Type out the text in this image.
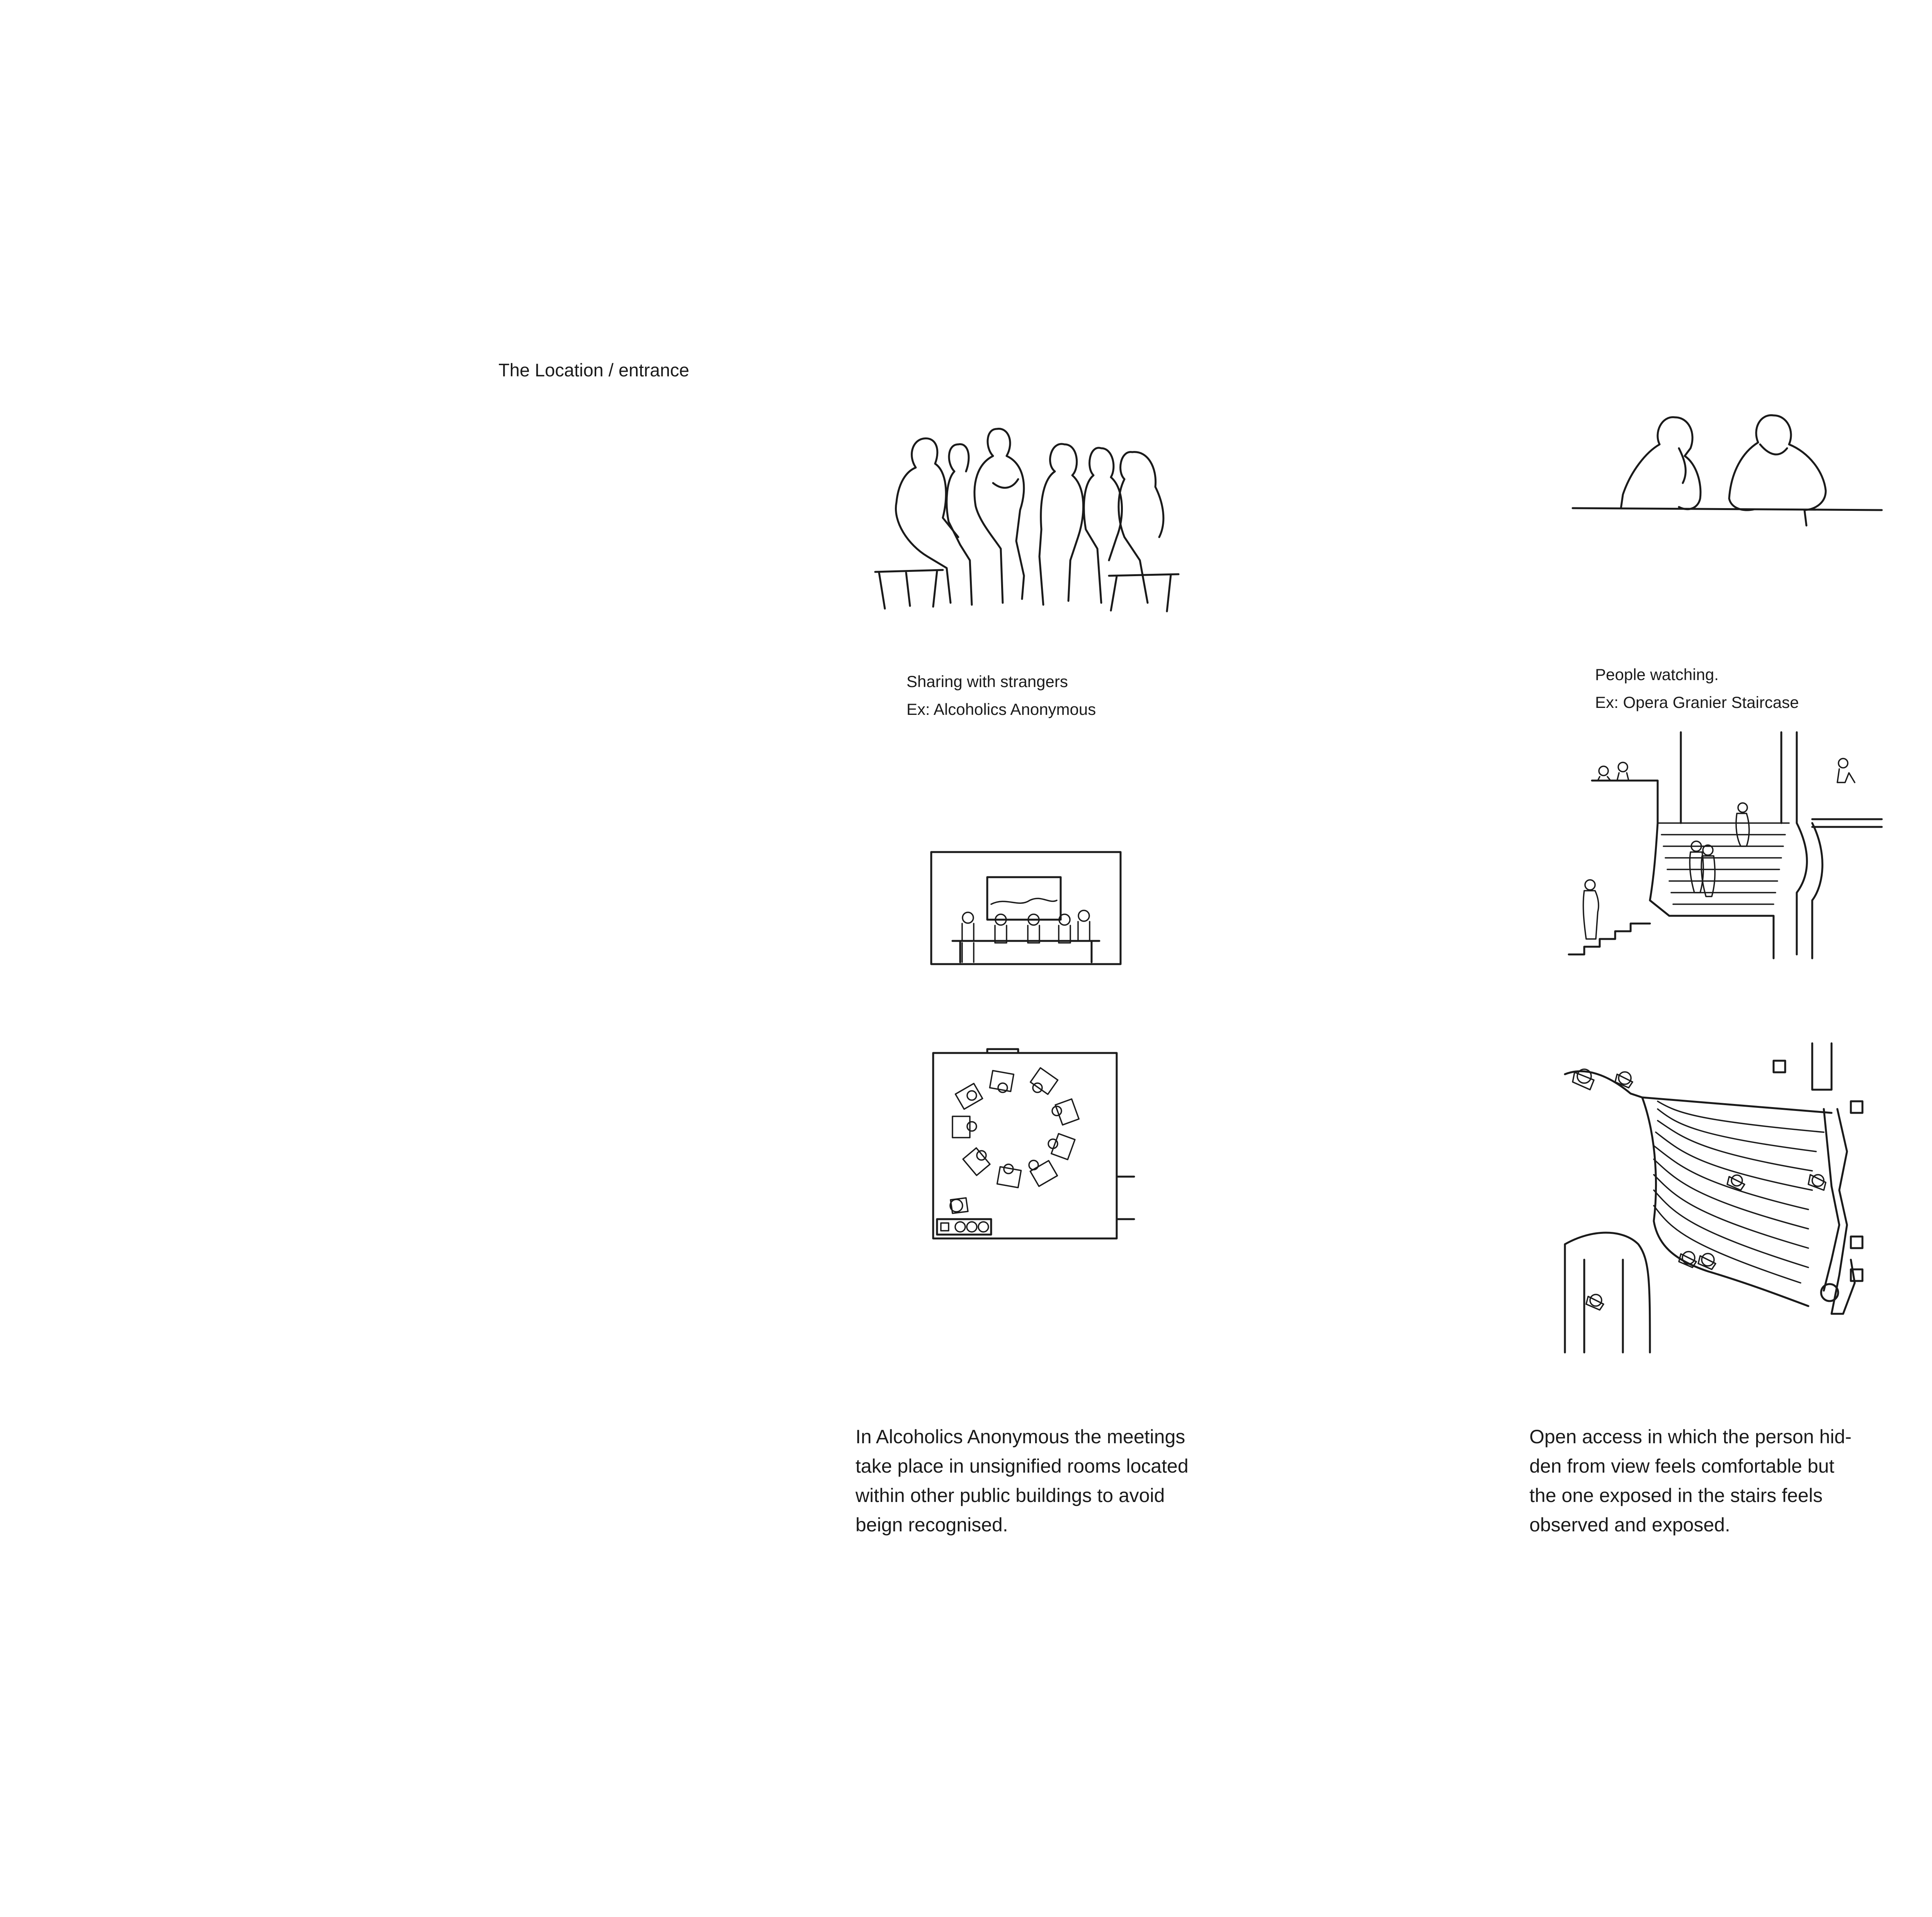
The Location / entrance
Sharing with strangers
Ex: Alcoholics Anonymous
In Alcoholics Anonymous the meetings
take place in unsignified rooms located
within other public buildings to avoid
beign recognised.
People watching.
Ex: Opera Granier Staircase
Open access in which the person hid-
den from view feels comfortable but
the one exposed in the stairs feels
observed and exposed.
